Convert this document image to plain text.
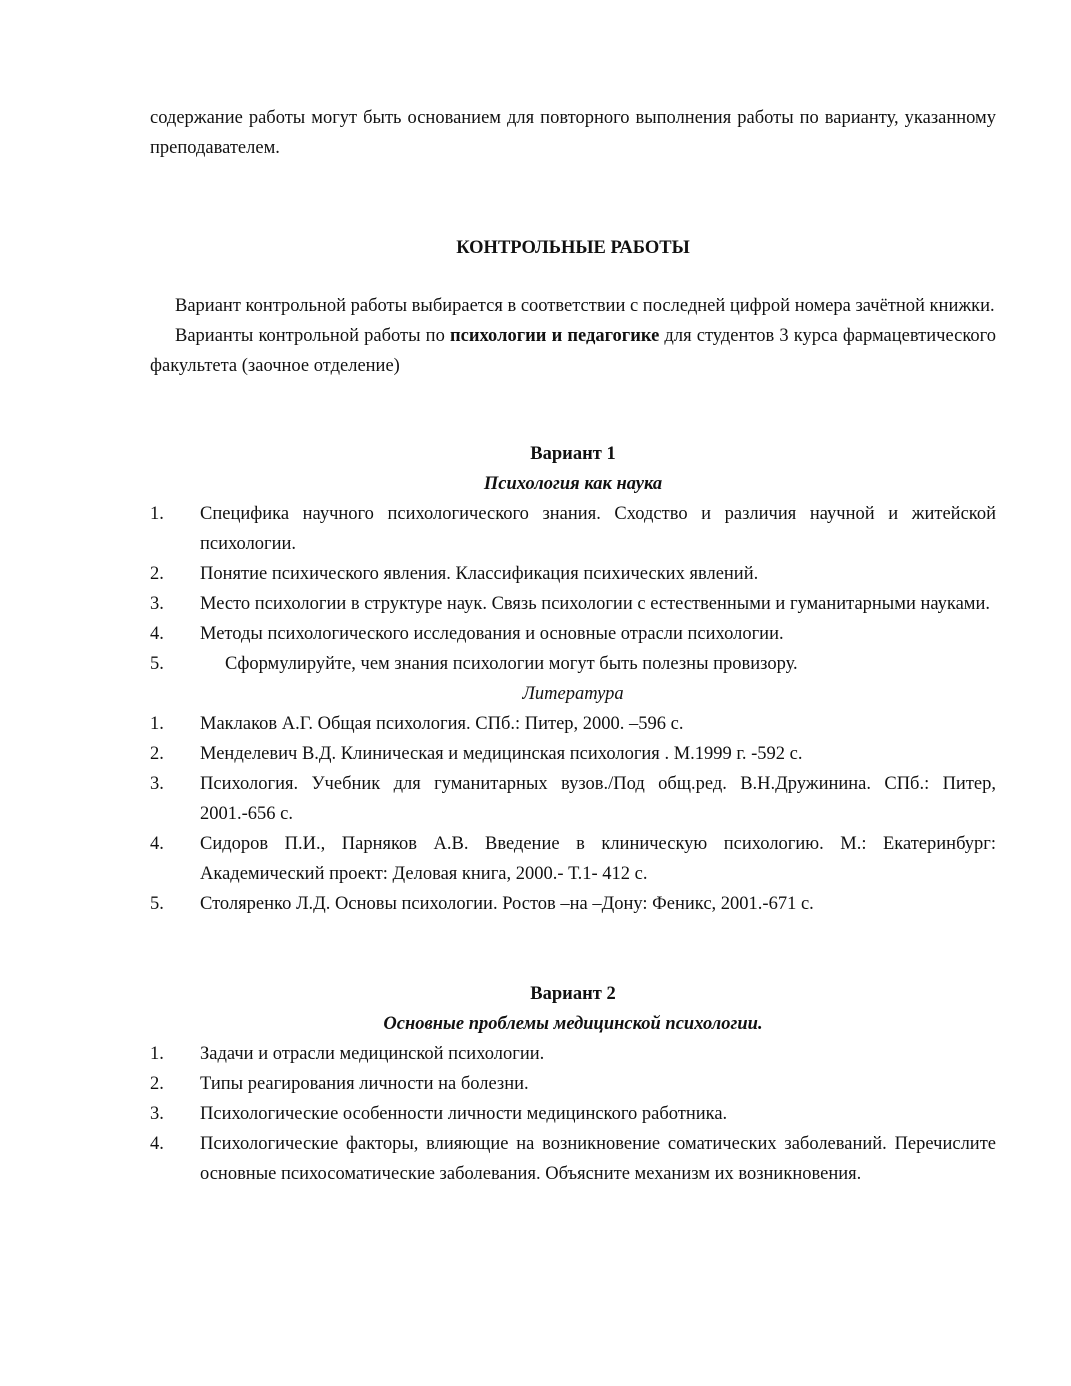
содержание работы могут быть основанием для повторного выполнения работы по варианту, указанному преподавателем.

КОНТРОЛЬНЫЕ РАБОТЫ

Вариант контрольной работы выбирается в соответствии с последней цифрой номера зачётной книжки.

Варианты контрольной работы по психологии и педагогике для студентов 3 курса фармацевтического факультета (заочное отделение)

Вариант 1

Психология как наука

1.	Специфика научного психологического знания. Сходство и различия научной и житейской психологии.
2.	Понятие психического явления. Классификация психических явлений.
3.	Место психологии в структуре наук. Связь психологии с естественными и гуманитарными науками.
4.	Методы психологического исследования и основные отрасли психологии.
5.	Сформулируйте, чем знания психологии могут быть полезны провизору.

Литература

1.	Маклаков А.Г. Общая психология. СПб.: Питер, 2000. –596 с.
2.	Менделевич В.Д. Клиническая и медицинская психология . М.1999 г. -592 с.
3.	Психология. Учебник для гуманитарных вузов./Под общ.ред. В.Н.Дружинина. СПб.: Питер, 2001.-656 с.
4.	Сидоров П.И., Парняков А.В. Введение в клиническую психологию. М.: Екатеринбург: Академический проект: Деловая книга, 2000.- Т.1- 412 с.
5.	Столяренко Л.Д. Основы психологии. Ростов –на –Дону: Феникс, 2001.-671 с.

Вариант 2

Основные проблемы медицинской психологии.

1.	Задачи и отрасли медицинской психологии.
2.	Типы реагирования личности на болезни.
3.	Психологические особенности личности медицинского работника.
4.	Психологические факторы, влияющие на возникновение соматических заболеваний. Перечислите основные психосоматические заболевания. Объясните механизм их возникновения.
